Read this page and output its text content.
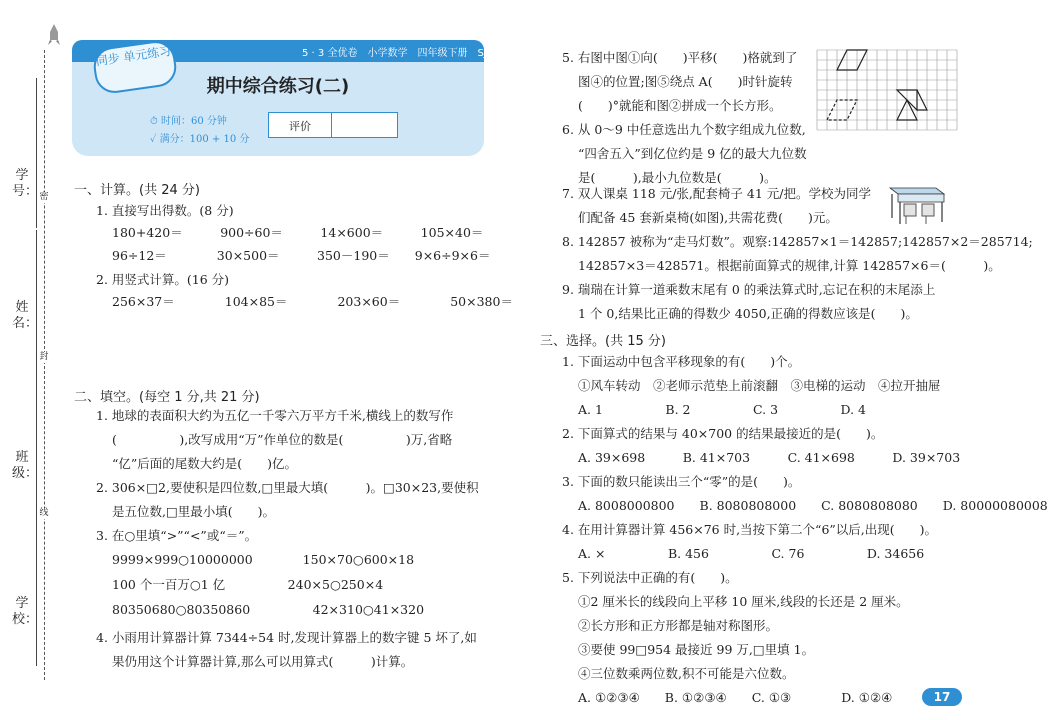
学号：
姓名：
班级：
学校：
密
封
线
同步 单元练习	5 · 3 全优卷　小学数学　四年级下册　SJ
期中综合练习(二)
⏱ 时间：60 分钟
✓ 满分：100 + 10 分
评价
一、计算。(共 24 分)
1. 直接写出得数。(8 分)
180+420＝　　　900÷60＝　　　14×600＝　　　105×40＝
96÷12＝　　　　30×500＝　　　350－190＝　　9×6÷9×6＝
2. 用竖式计算。(16 分)
256×37＝　　　　104×85＝　　　　203×60＝　　　　50×380＝
二、填空。(每空 1 分,共 21 分)
1. 地球的表面积大约为五亿一千零六万平方千米,横线上的数写作
(　　　　　),改写成用“万”作单位的数是(　　　　　)万,省略
“亿”后面的尾数大约是(　　)亿。
2. 306×□2,要使积是四位数,□里最大填(　　　)。□30×23,要使积
是五位数,□里最小填(　　)。
3. 在○里填“>”“<”或“＝”。
9999×999○10000000　　　　150×70○600×18
100 个一百万○1 亿　　　　　240×5○250×4
80350680○80350860　　　　　42×310○41×320
4. 小雨用计算器计算 7344÷54 时,发现计算器上的数字键 5 坏了,如
果仍用这个计算器计算,那么可以用算式(　　　)计算。
5. 右图中图①向(　　)平移(　　)格就到了
图④的位置;图⑤绕点 A(　　)时针旋转
(　　)°就能和图②拼成一个长方形。
6. 从 0～9 中任意选出九个数字组成九位数,
“四舍五入”到亿位约是 9 亿的最大九位数
是(　　　),最小九位数是(　　　)。
7. 双人课桌 118 元/张,配套椅子 41 元/把。学校为同学
们配备 45 套新桌椅(如图),共需花费(　　)元。
8. 142857 被称为“走马灯数”。观察:142857×1＝142857;142857×2＝285714;
142857×3＝428571。根据前面算式的规律,计算 142857×6＝(　　　)。
9. 瑞瑞在计算一道乘数末尾有 0 的乘法算式时,忘记在积的末尾添上
1 个 0,结果比正确的得数少 4050,正确的得数应该是(　　)。
三、选择。(共 15 分)
1. 下面运动中包含平移现象的有(　　)个。
①风车转动　②老师示范垫上前滚翻　③电梯的运动　④拉开抽屉
A. 1　　　　　B. 2　　　　　C. 3　　　　　D. 4
2. 下面算式的结果与 40×700 的结果最接近的是(　　)。
A. 39×698　　　B. 41×703　　　C. 41×698　　　D. 39×703
3. 下面的数只能读出三个“零”的是(　　)。
A. 8008000800　　B. 8080808000　　C. 8080808080　　D. 80000080008
4. 在用计算器计算 456×76 时,当按下第二个“6”以后,出现(　　)。
A. ×　　　　　B. 456　　　　　C. 76　　　　　D. 34656
5. 下列说法中正确的有(　　)。
①2 厘米长的线段向上平移 10 厘米,线段的长还是 2 厘米。
②长方形和正方形都是轴对称图形。
③要使 99□954 最接近 99 万,□里填 1。
④三位数乘两位数,积不可能是六位数。
A. ①②③④　　B. ①②③④　　C. ①③　　　　D. ①②④	17
